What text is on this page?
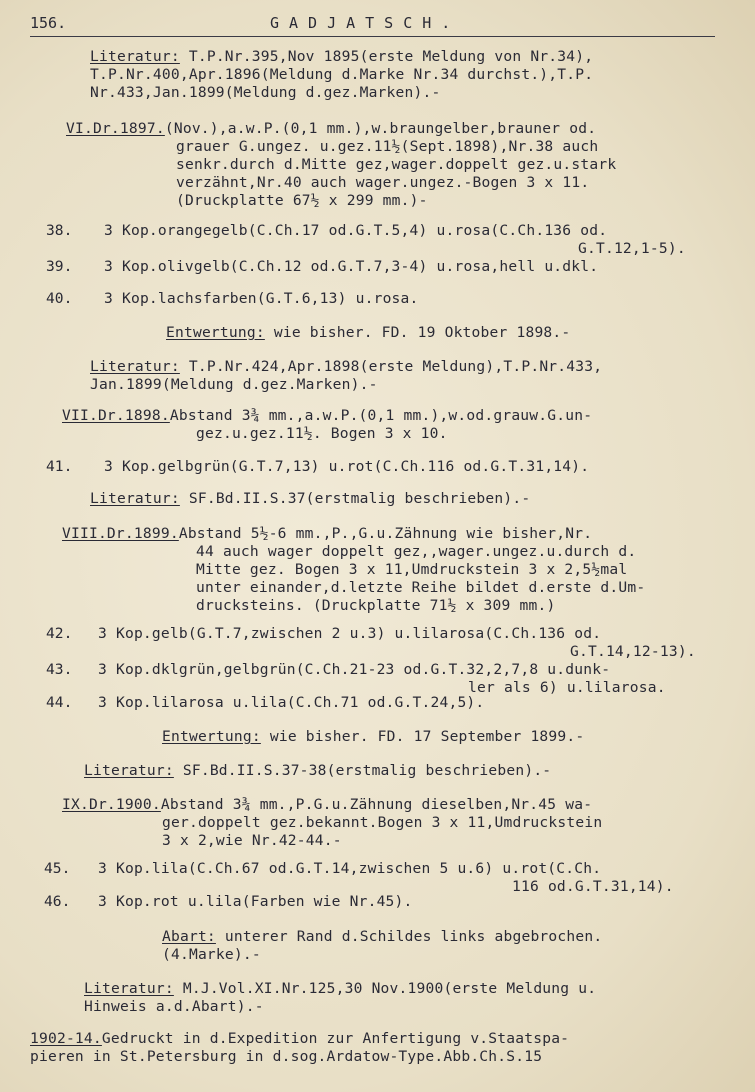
156.	GADJATSCH.
Literatur: T.P.Nr.395,Nov 1895(erste Meldung von Nr.34),
T.P.Nr.400,Apr.1896(Meldung d.Marke Nr.34 durchst.),T.P.
Nr.433,Jan.1899(Meldung d.gez.Marken).-
VI.Dr.1897.(Nov.),a.w.P.(0,1 mm.),w.braungelber,brauner od.
grauer G.ungez. u.gez.11½(Sept.1898),Nr.38 auch
senkr.durch d.Mitte gez,wager.doppelt gez.u.stark
verzähnt,Nr.40 auch wager.ungez.-Bogen 3 x 11.
(Druckplatte 67½ x 299 mm.)-
38. 3 Kop.orangegelb(C.Ch.17 od.G.T.5,4) u.rosa(C.Ch.136 od.
G.T.12,1-5).
39. 3 Kop.olivgelb(C.Ch.12 od.G.T.7,3-4) u.rosa,hell u.dkl.
40. 3 Kop.lachsfarben(G.T.6,13) u.rosa.
Entwertung: wie bisher. FD. 19 Oktober 1898.-
Literatur: T.P.Nr.424,Apr.1898(erste Meldung),T.P.Nr.433,
Jan.1899(Meldung d.gez.Marken).-
VII.Dr.1898.Abstand 3¾ mm.,a.w.P.(0,1 mm.),w.od.grauw.G.un-
gez.u.gez.11½. Bogen 3 x 10.
41. 3 Kop.gelbgrün(G.T.7,13) u.rot(C.Ch.116 od.G.T.31,14).
Literatur: SF.Bd.II.S.37(erstmalig beschrieben).-
VIII.Dr.1899.Abstand 5½-6 mm.,P.,G.u.Zähnung wie bisher,Nr.
44 auch wager doppelt gez,,wager.ungez.u.durch d.
Mitte gez. Bogen 3 x 11,Umdruckstein 3 x 2,5½mal
unter einander,d.letzte Reihe bildet d.erste d.Um-
drucksteins. (Druckplatte 71½ x 309 mm.)
42. 3 Kop.gelb(G.T.7,zwischen 2 u.3) u.lilarosa(C.Ch.136 od.
G.T.14,12-13).
43. 3 Kop.dklgrün,gelbgrün(C.Ch.21-23 od.G.T.32,2,7,8 u.dunk-
ler als 6) u.lilarosa.
44. 3 Kop.lilarosa u.lila(C.Ch.71 od.G.T.24,5).
Entwertung: wie bisher. FD. 17 September 1899.-
Literatur: SF.Bd.II.S.37-38(erstmalig beschrieben).-
IX.Dr.1900.Abstand 3¾ mm.,P.G.u.Zähnung dieselben,Nr.45 wa-
ger.doppelt gez.bekannt.Bogen 3 x 11,Umdruckstein
3 x 2,wie Nr.42-44.-
45. 3 Kop.lila(C.Ch.67 od.G.T.14,zwischen 5 u.6) u.rot(C.Ch.
116 od.G.T.31,14).
46. 3 Kop.rot u.lila(Farben wie Nr.45).
Abart: unterer Rand d.Schildes links abgebrochen.
(4.Marke).-
Literatur: M.J.Vol.XI.Nr.125,30 Nov.1900(erste Meldung u.
Hinweis a.d.Abart).-
1902-14.Gedruckt in d.Expedition zur Anfertigung v.Staatspa-
pieren in St.Petersburg in d.sog.Ardatow-Type.Abb.Ch.S.15
